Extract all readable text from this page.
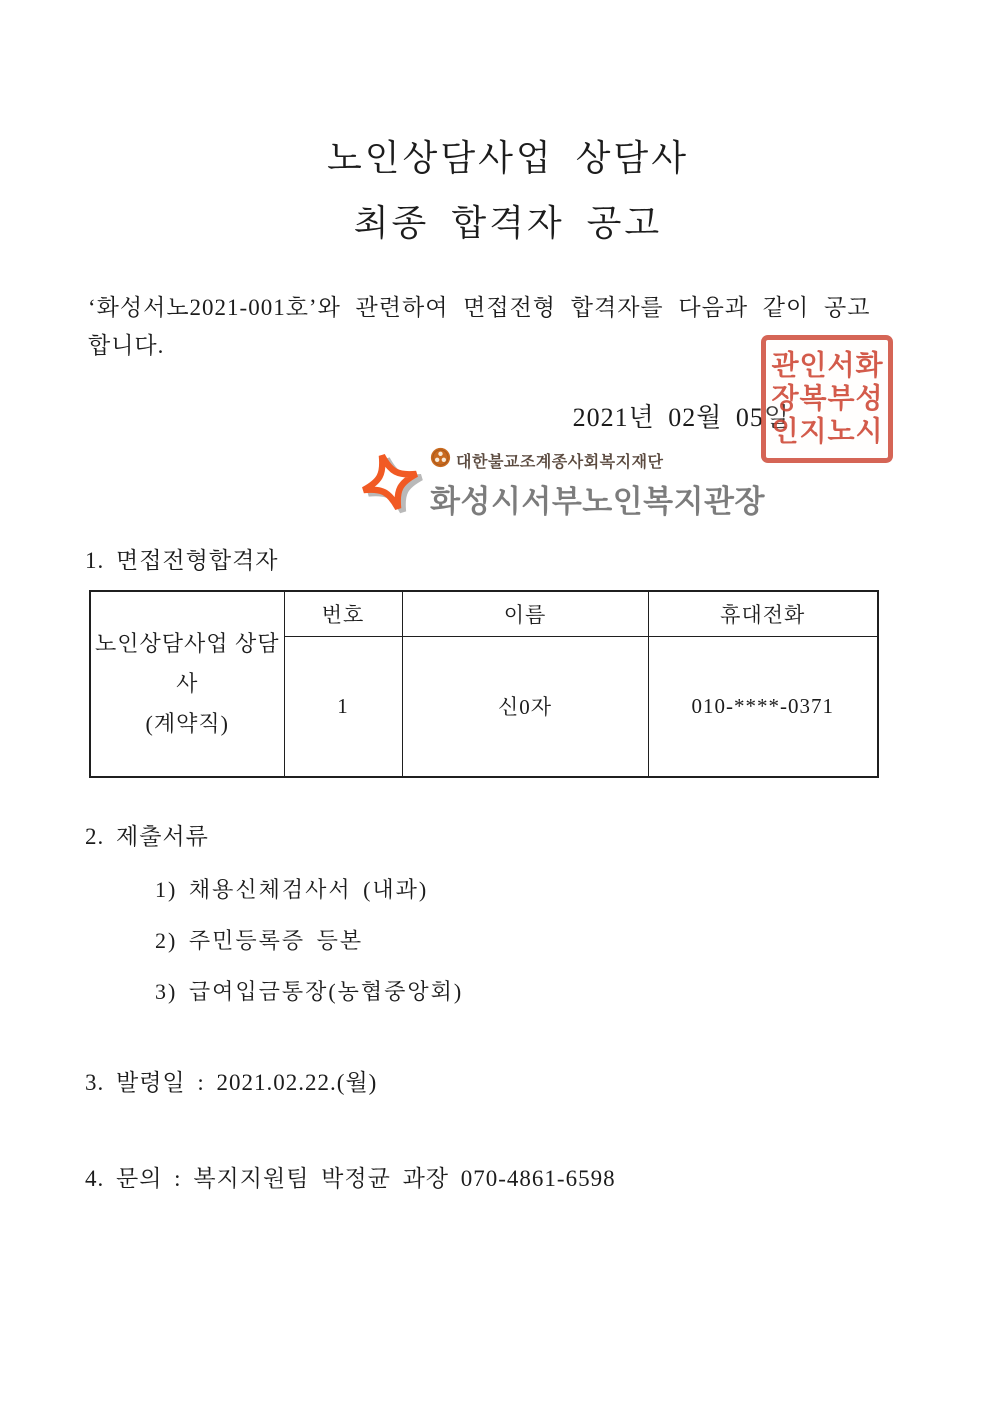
노인상담사업 상담사
최종 합격자 공고

‘화성서노2021-001호’와 관련하여 면접전형 합격자를 다음과 같이 공고
합니다.

2021년 02월 05일	화성시
서부노
인복지
관장인
대한불교조계종사회복지재단
화성시서부노인복지관장
1. 면접전형합격자
노인상담사업 상담사
(계약직)	번호	이름	휴대전화
	1	신0자	010-****-0371
2. 제출서류
1) 채용신체검사서 (내과)
2) 주민등록증 등본
3) 급여입금통장(농협중앙회)
3. 발령일 : 2021.02.22.(월)
4. 문의 : 복지지원팀 박정균 과장 070-4861-6598
